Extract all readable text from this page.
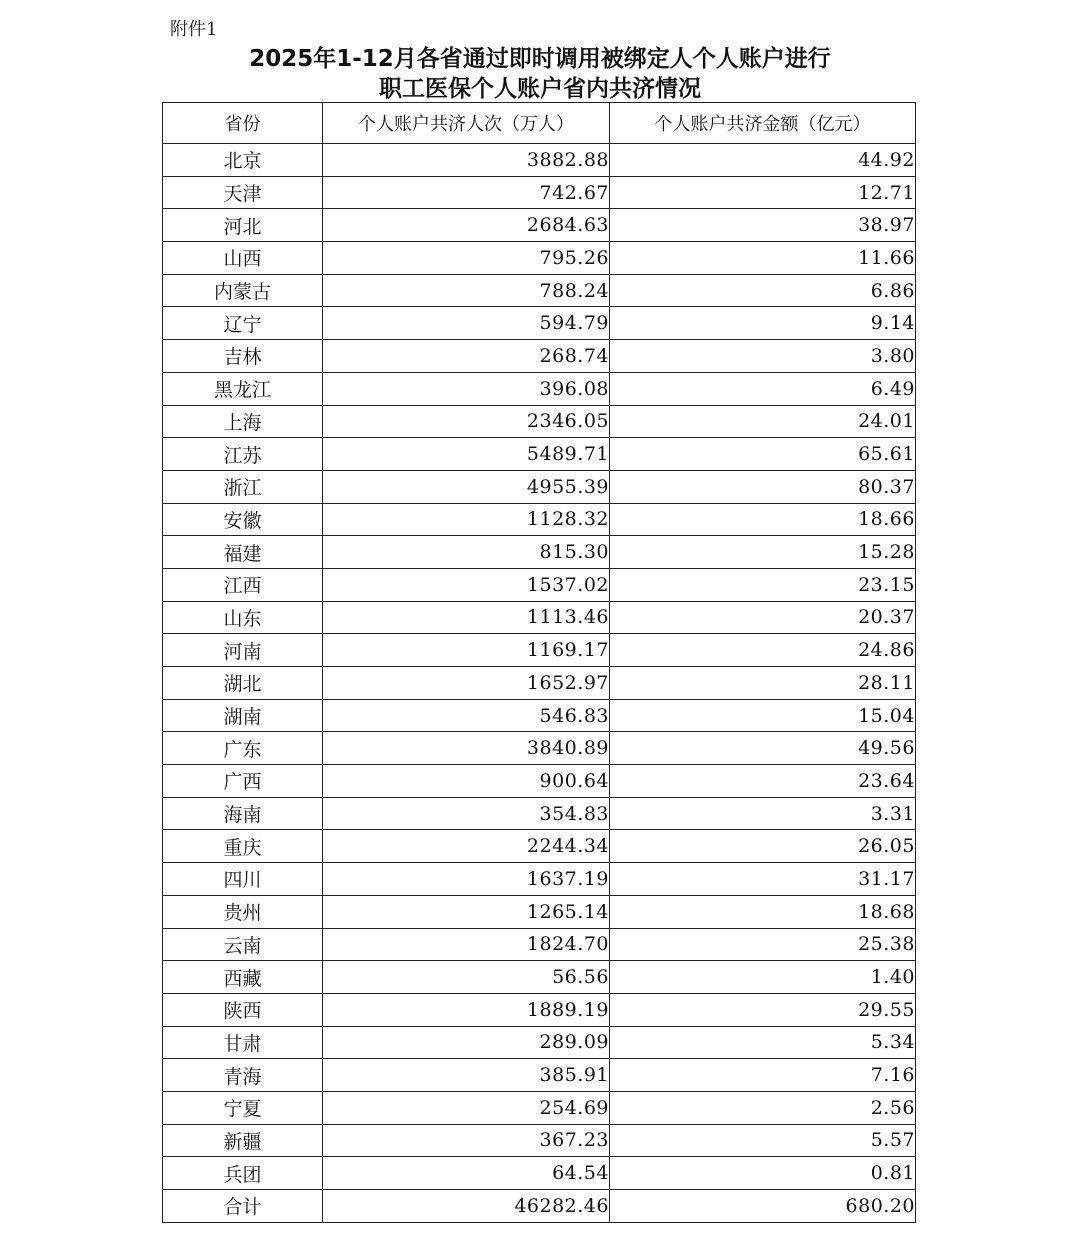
附件1
2025年1-12月各省通过即时调用被绑定人个人账户进行
职工医保个人账户省内共济情况
省份	个人账户共济人次（万人）	个人账户共济金额（亿元）
北京	3882.88	44.92
天津	742.67	12.71
河北	2684.63	38.97
山西	795.26	11.66
内蒙古	788.24	6.86
辽宁	594.79	9.14
吉林	268.74	3.80
黑龙江	396.08	6.49
上海	2346.05	24.01
江苏	5489.71	65.61
浙江	4955.39	80.37
安徽	1128.32	18.66
福建	815.30	15.28
江西	1537.02	23.15
山东	1113.46	20.37
河南	1169.17	24.86
湖北	1652.97	28.11
湖南	546.83	15.04
广东	3840.89	49.56
广西	900.64	23.64
海南	354.83	3.31
重庆	2244.34	26.05
四川	1637.19	31.17
贵州	1265.14	18.68
云南	1824.70	25.38
西藏	56.56	1.40
陕西	1889.19	29.55
甘肃	289.09	5.34
青海	385.91	7.16
宁夏	254.69	2.56
新疆	367.23	5.57
兵团	64.54	0.81
合计	46282.46	680.20
